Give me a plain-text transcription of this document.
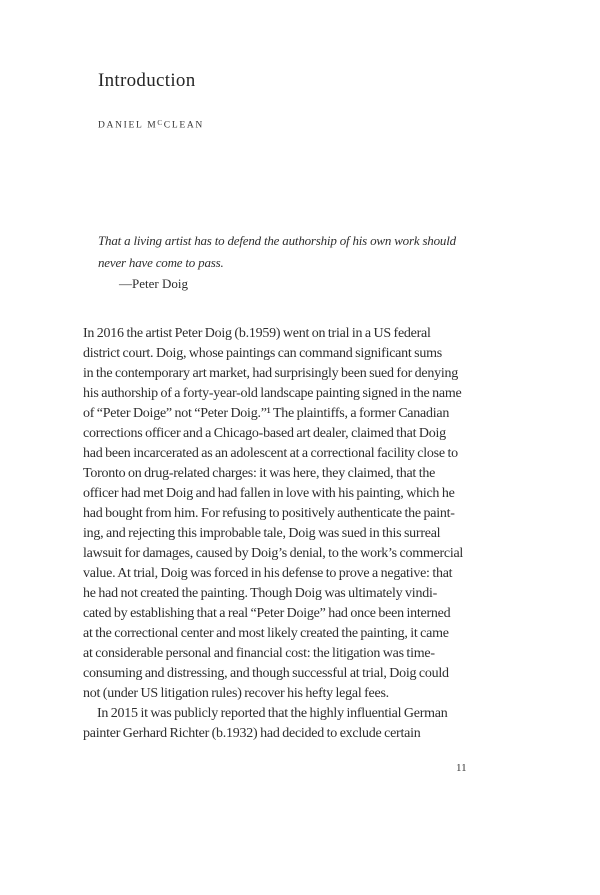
Introduction
DANIEL $M^CCLEAN$
That a living artist has to defend the authorship of his own work should
never have come to pass.
—Peter Doig
In 2016 the artist Peter Doig (b.1959) went on trial in a US federal
district court. Doig, whose paintings can command significant sums
in the contemporary art market, had surprisingly been sued for denying
his authorship of a forty-year-old landscape painting signed in the name
of “Peter Doige” not “Peter Doig.”¹ The plaintiffs, a former Canadian
corrections officer and a Chicago-based art dealer, claimed that Doig
had been incarcerated as an adolescent at a correctional facility close to
Toronto on drug-related charges: it was here, they claimed, that the
officer had met Doig and had fallen in love with his painting, which he
had bought from him. For refusing to positively authenticate the paint-
ing, and rejecting this improbable tale, Doig was sued in this surreal
lawsuit for damages, caused by Doig’s denial, to the work’s commercial
value. At trial, Doig was forced in his defense to prove a negative: that
he had not created the painting. Though Doig was ultimately vindi-
cated by establishing that a real “Peter Doige” had once been interned
at the correctional center and most likely created the painting, it came
at considerable personal and financial cost: the litigation was time-
consuming and distressing, and though successful at trial, Doig could
not (under US litigation rules) recover his hefty legal fees.
In 2015 it was publicly reported that the highly influential German
painter Gerhard Richter (b.1932) had decided to exclude certain
11
